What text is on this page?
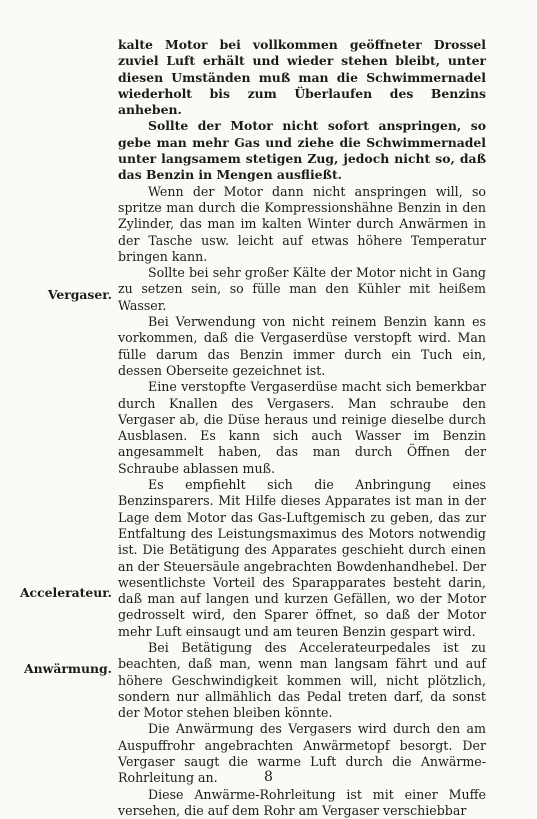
kalte Motor bei vollkommen geöffneter Drossel zuviel Luft erhält und wieder stehen bleibt, unter diesen Umständen muß man die Schwimmernadel wiederholt bis zum Überlaufen des Benzins anheben.

Sollte der Motor nicht sofort anspringen, so gebe man mehr Gas und ziehe die Schwimmernadel unter langsamem stetigen Zug, jedoch nicht so, daß das Benzin in Mengen ausfließt.

Wenn der Motor dann nicht anspringen will, so spritze man durch die Kompressionshähne Benzin in den Zylinder, das man im kalten Winter durch Anwärmen in der Tasche usw. leicht auf etwas höhere Temperatur bringen kann.

Sollte bei sehr großer Kälte der Motor nicht in Gang zu setzen sein, so fülle man den Kühler mit heißem Wasser.

Bei Verwendung von nicht reinem Benzin kann es vorkommen, daß die Vergaserdüse verstopft wird. Man fülle darum das Benzin immer durch ein Tuch ein, dessen Oberseite gezeichnet ist.

Eine verstopfte Vergaserdüse macht sich bemerkbar durch Knallen des Vergasers. Man schraube den Vergaser ab, die Düse heraus und reinige dieselbe durch Ausblasen. Es kann sich auch Wasser im Benzin angesammelt haben, das man durch Öffnen der Schraube ablassen muß.

Es empfiehlt sich die Anbringung eines Benzinsparers. Mit Hilfe dieses Apparates ist man in der Lage dem Motor das Gas-Luftgemisch zu geben, das zur Entfaltung des Leistungsmaximus des Motors notwendig ist. Die Betätigung des Apparates geschieht durch einen an der Steuersäule angebrachten Bowdenhandhebel. Der wesentlichste Vorteil des Sparapparates besteht darin, daß man auf langen und kurzen Gefällen, wo der Motor gedrosselt wird, den Sparer öffnet, so daß der Motor mehr Luft einsaugt und am teuren Benzin gespart wird.

Bei Betätigung des Accelerateurpedales ist zu beachten, daß man, wenn man langsam fährt und auf höhere Geschwindigkeit kommen will, nicht plötzlich, sondern nur allmählich das Pedal treten darf, da sonst der Motor stehen bleiben könnte.

Die Anwärmung des Vergasers wird durch den am Auspuffrohr angebrachten Anwärmetopf besorgt. Der Vergaser saugt die warme Luft durch die Anwärme-Rohrleitung an.

Diese Anwärme-Rohrleitung ist mit einer Muffe versehen, die auf dem Rohr am Vergaser verschiebbar

Vergaser.
Accelerateur.
Anwärmung.
8
